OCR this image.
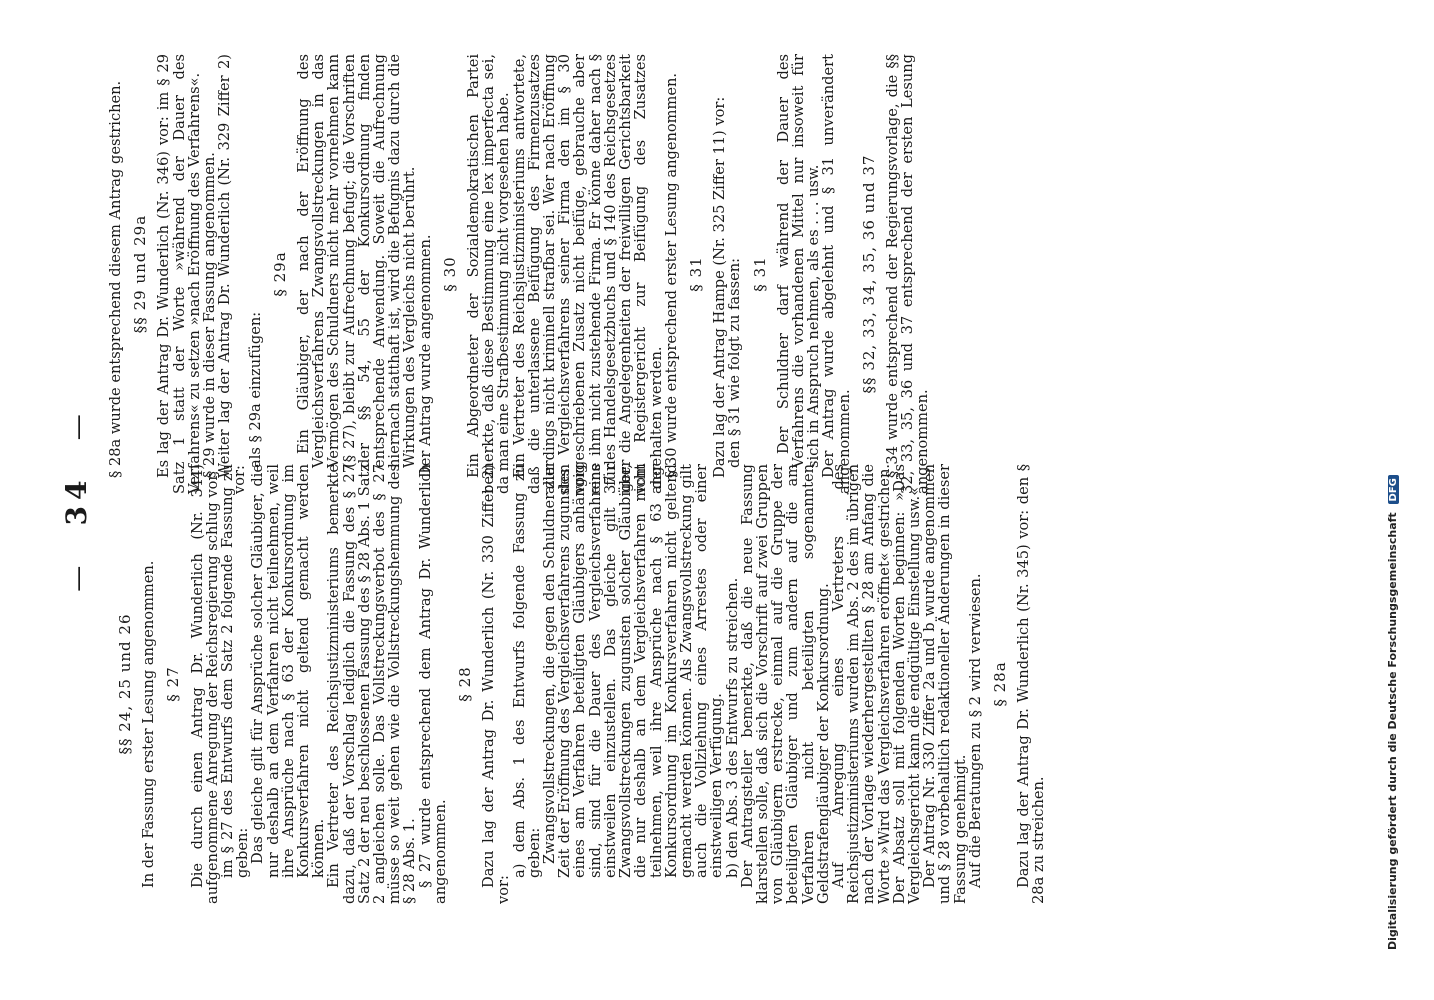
— 34 —
§§ 24, 25 und 26 In der Fassung erster Lesung angenommen. § 27 Die durch einen Antrag Dr. Wunderlich (Nr. 344) aufgenommene Anregung der Reichsregierung schlug vor,

im § 27 des Entwurfs dem Satz 2 folgende Fassung zu geben:

Das gleiche gilt für Ansprüche solcher Gläubiger, die nur deshalb an dem Verfahren nicht teilnehmen, weil ihre Ansprüche nach § 63 der Konkursordnung im Konkursverfahren nicht geltend gemacht werden können.

Ein Vertreter des Reichsjustizministeriums bemerkte dazu, daß der Vorschlag lediglich die Fassung des § 27 Satz 2 der neu beschlossenen Fassung des § 28 Abs. 1 Satz 2 angleichen solle. Das Vollstreckungsverbot des § 27 müsse so weit gehen wie die Vollstreckungshemmung des § 28 Abs. 1.

§ 27 wurde entsprechend dem Antrag Dr. Wunderlich angenommen.

§ 28 Dazu lag der Antrag Dr. Wunderlich (Nr. 330 Ziffer 2) vor:

a) dem Abs. 1 des Entwurfs folgende Fassung zu geben:

Zwangsvollstreckungen, die gegen den Schuldner zur Zeit der Eröffnung des Vergleichsverfahrens zugunsten eines am Verfahren beteiligten Gläubigers anhängig sind, sind für die Dauer des Vergleichsverfahrens einstweilen einzustellen. Das gleiche gilt für Zwangsvollstreckungen zugunsten solcher Gläubiger, die nur deshalb an dem Vergleichsverfahren nicht teilnehmen, weil ihre Ansprüche nach § 63 der Konkursordnung im Konkursverfahren nicht geltend gemacht werden können. Als Zwangsvollstreckung gilt auch die Vollziehung eines Arrestes oder einer einstweiligen Verfügung.

b) den Abs. 3 des Entwurfs zu streichen.

Der Antragsteller bemerkte, daß die neue Fassung klarstellen solle, daß sich die Vorschrift auf zwei Gruppen von Gläubigern erstrecke, einmal auf die Gruppe der beteiligten Gläubiger und zum andern auf die am Verfahren nicht beteiligten sogenannten Geldstrafengläubiger der Konkursordnung.

Auf Anregung eines Vertreters des Reichsjustizministeriums wurden im Abs. 2 des im übrigen nach der Vorlage wiederhergestellten § 28 am Anfang die Worte »Wird das Vergleichsverfahren eröffnet« gestrichen. Der Absatz soll mit folgenden Worten beginnen: »Das Vergleichsgericht kann die endgültige Einstellung usw.«

Der Antrag Nr. 330 Ziffer 2a und b wurde angenommen und § 28 vorbehaltlich redaktioneller Änderungen in dieser Fassung genehmigt.

Auf die Beratungen zu § 2 wird verwiesen. § 28a Dazu lag der Antrag Dr. Wunderlich (Nr. 345) vor: den § 28a zu streichen.

§ 28a wurde entsprechend diesem Antrag gestrichen. §§ 29 und 29a Es lag der Antrag Dr. Wunderlich (Nr. 346) vor: im § 29 Satz 1 statt der Worte »während der Dauer des Verfahrens« zu setzen »nach Eröffnung des Verfahrens«.

§ 29 wurde in dieser Fassung angenommen.

Weiter lag der Antrag Dr. Wunderlich (Nr. 329 Ziffer 2) vor:

als § 29a einzufügen:

§ 29a Ein Gläubiger, der nach der Eröffnung des Vergleichsverfahrens Zwangsvollstreckungen in das Vermögen des Schuldners nicht mehr vornehmen kann (§ 27), bleibt zur Aufrechnung befugt; die Vorschriften der §§ 54, 55 der Konkursordnung finden entsprechende Anwendung. Soweit die Aufrechnung hiernach statthaft ist, wird die Befugnis dazu durch die Wirkungen des Vergleichs nicht berührt.

Der Antrag wurde angenommen. § 30 Ein Abgeordneter der Sozialdemokratischen Partei bemerkte, daß diese Bestimmung eine lex imperfecta sei, da man eine Strafbestimmung nicht vorgesehen habe.

Ein Vertreter des Reichsjustizministeriums antwortete, daß die unterlassene Beifügung des Firmenzusatzes allerdings nicht kriminell strafbar sei. Wer nach Eröffnung des Vergleichsverfahrens seiner Firma den im § 30 vorgeschriebenen Zusatz nicht beifüge, gebrauche aber eine ihm nicht zustehende Firma. Er könne daher nach § 37 des Handelsgesetzbuchs und § 140 des Reichsgesetzes über die Angelegenheiten der freiwilligen Gerichtsbarkeit vom Registergericht zur Beifügung des Zusatzes angehalten werden.

§ 30 wurde entsprechend erster Lesung angenommen. § 31 Dazu lag der Antrag Hampe (Nr. 325 Ziffer 11) vor:

den § 31 wie folgt zu fassen: § 31 Der Schuldner darf während der Dauer des Verfahrens die vorhandenen Mittel nur insoweit für sich in Anspruch nehmen, als es . . . usw.

Der Antrag wurde abgelehnt und § 31 unverändert angenommen.

§§ 32, 33, 34, 35, 36 und 37 § 34 wurde entsprechend der Regierungsvorlage, die §§ 32, 33, 35, 36 und 37 entsprechend der ersten Lesung angenommen.

Digitalisierung gefördert durch die Deutsche Forschungsgemeinschaft DFG
